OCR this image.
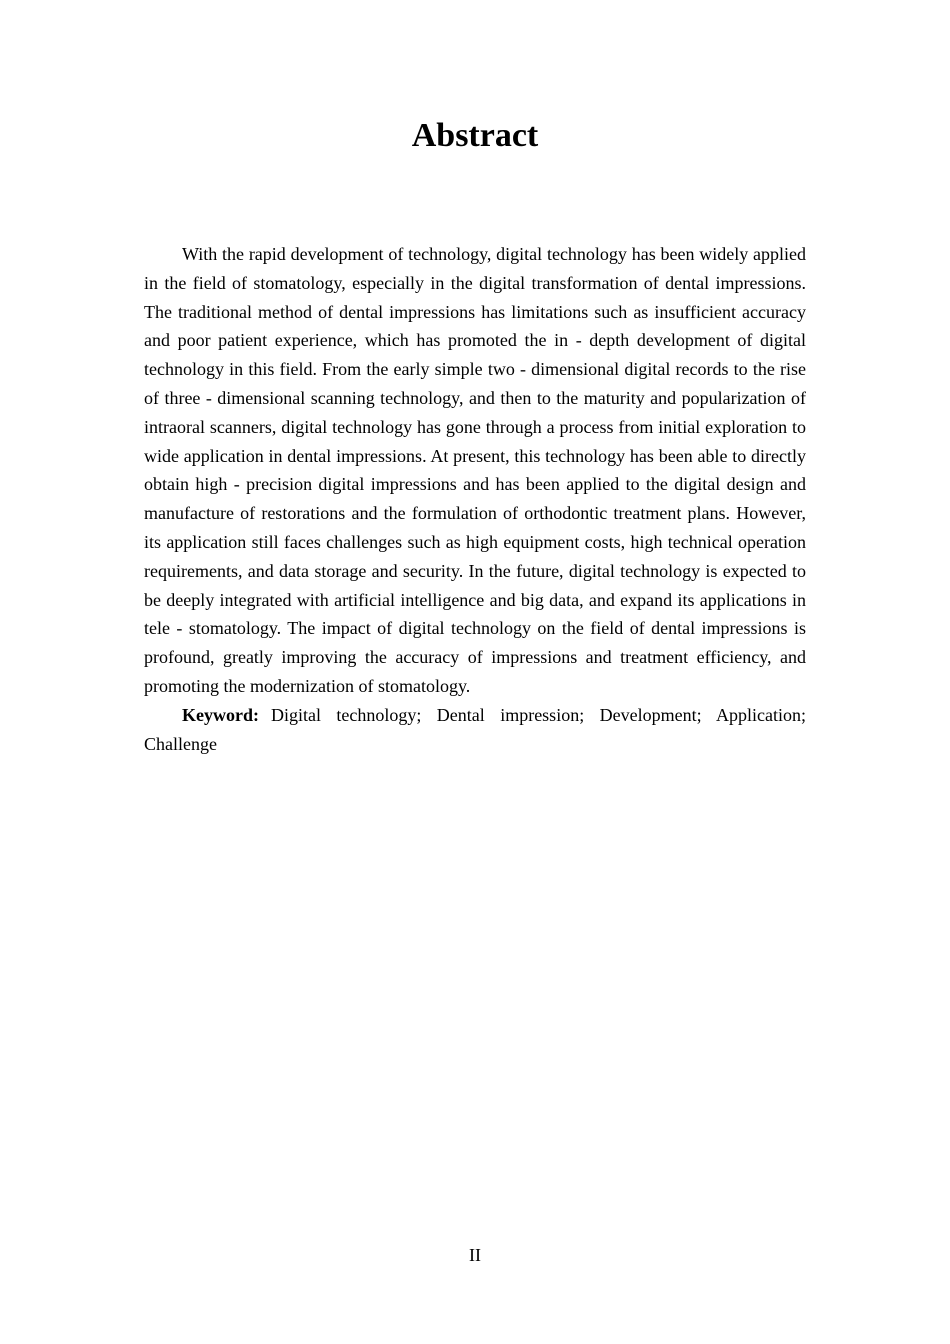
Abstract

With the rapid development of technology, digital technology has been widely applied in the field of stomatology, especially in the digital transformation of dental impressions. The traditional method of dental impressions has limitations such as insufficient accuracy and poor patient experience, which has promoted the in - depth development of digital technology in this field. From the early simple two - dimensional digital records to the rise of three - dimensional scanning technology, and then to the maturity and popularization of intraoral scanners, digital technology has gone through a process from initial exploration to wide application in dental impressions. At present, this technology has been able to directly obtain high - precision digital impressions and has been applied to the digital design and manufacture of restorations and the formulation of orthodontic treatment plans. However, its application still faces challenges such as high equipment costs, high technical operation requirements, and data storage and security. In the future, digital technology is expected to be deeply integrated with artificial intelligence and big data, and expand its applications in tele - stomatology. The impact of digital technology on the field of dental impressions is profound, greatly improving the accuracy of impressions and treatment efficiency, and promoting the modernization of stomatology.

Keyword: Digital technology; Dental impression; Development; Application; Challenge

II
